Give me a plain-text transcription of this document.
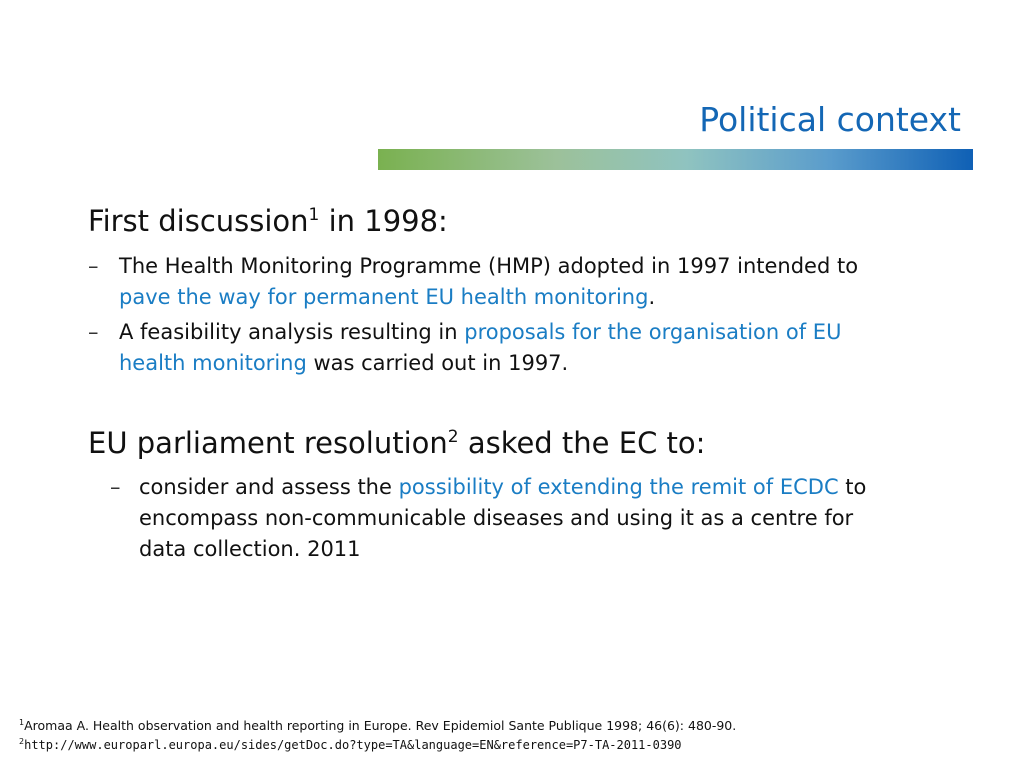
Political context
First discussion$^1$ in 1998:
– The Health Monitoring Programme (HMP) adopted in 1997 intended to
pave the way for permanent EU health monitoring.
– A feasibility analysis resulting in proposals for the organisation of EU
health monitoring was carried out in 1997.
EU parliament resolution$^2$ asked the EC to:
– consider and assess the possibility of extending the remit of ECDC to
encompass non-communicable diseases and using it as a centre for
data collection. 2011
$^1$Aromaa A. Health observation and health reporting in Europe. Rev Epidemiol Sante Publique 1998; 46(6): 480-90.
$^2$http://www.europarl.europa.eu/sides/getDoc.do?type=TA&language=EN&reference=P7-TA-2011-0390
